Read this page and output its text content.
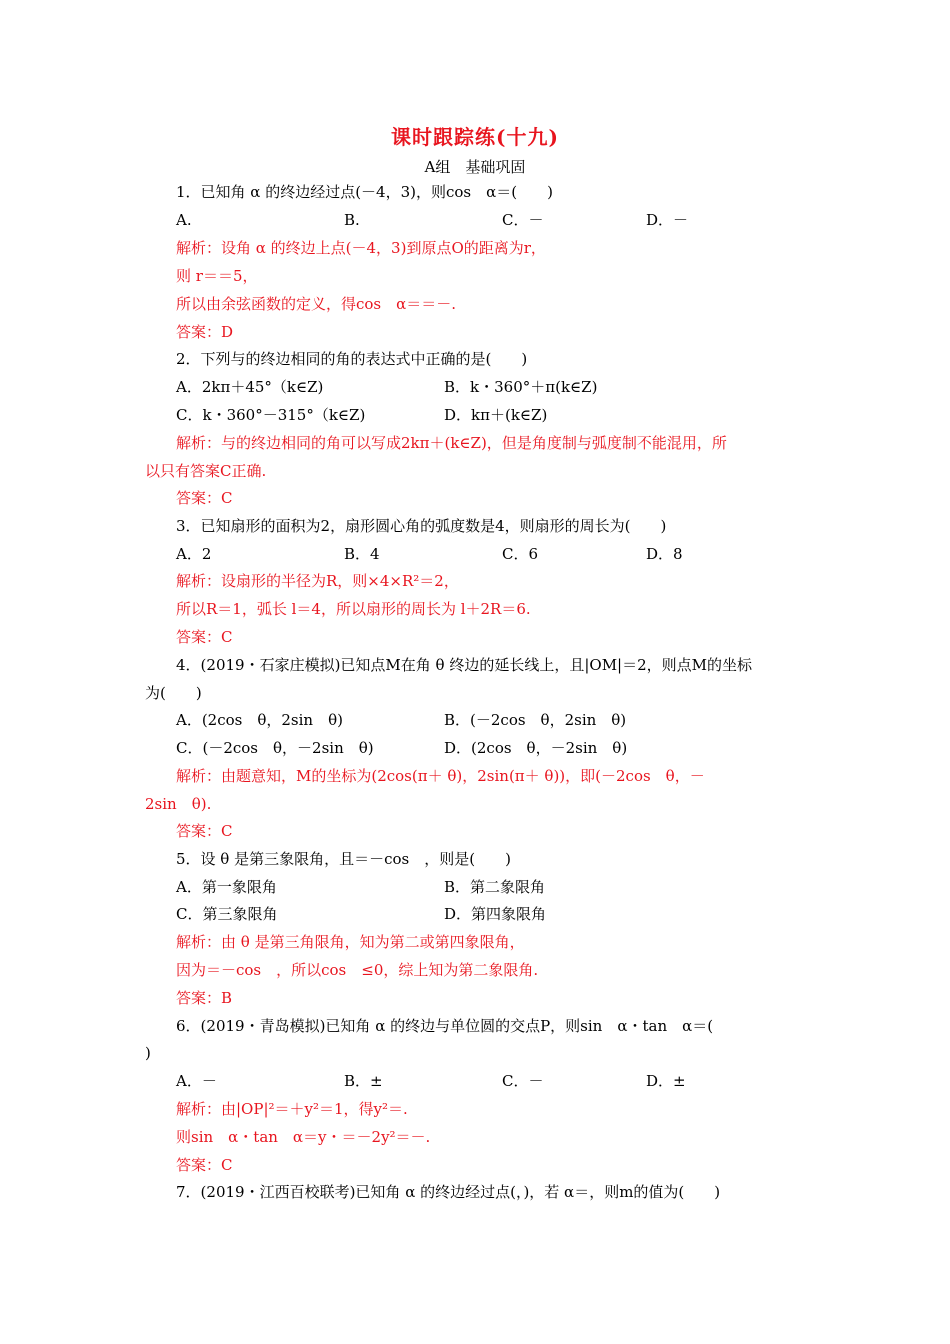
课时跟踪练(十九)
A组　基础巩固
1．已知角 α 的终边经过点(－4，3)，则cos　α＝(　　)
A.	B.	C．－	D．－
解析：设角 α 的终边上点(－4，3)到原点O的距离为r，
则 r＝＝5，
所以由余弦函数的定义，得cos　α＝＝－.
答案：D
2．下列与的终边相同的角的表达式中正确的是(　　)
A．2kπ＋45°（k∈Z)	B．k・360°＋π(k∈Z)
C．k・360°－315°（k∈Z)	D．kπ＋(k∈Z)
解析：与的终边相同的角可以写成2kπ＋(k∈Z)，但是角度制与弧度制不能混用，所
以只有答案C正确.
答案：C
3．已知扇形的面积为2，扇形圆心角的弧度数是4，则扇形的周长为(　　)
A．2	B．4	C．6	D．8
解析：设扇形的半径为R，则×4×R²＝2，
所以R＝1，弧长 l＝4，所以扇形的周长为 l＋2R＝6.
答案：C
4．(2019・石家庄模拟)已知点M在角 θ 终边的延长线上，且|OM|＝2，则点M的坐标
为(　　)
A．(2cos　θ，2sin　θ)	B．(－2cos　θ，2sin　θ)
C．(－2cos　θ，－2sin　θ)	D．(2cos　θ，－2sin　θ)
解析：由题意知，M的坐标为(2cos(π＋ θ)，2sin(π＋ θ))，即(－2cos　θ，－
2sin　θ).
答案：C
5．设 θ 是第三象限角，且＝－cos　，则是(　　)
A．第一象限角	B．第二象限角
C．第三象限角	D．第四象限角
解析：由 θ 是第三角限角，知为第二或第四象限角，
因为＝－cos　，所以cos　≤0，综上知为第二象限角.
答案：B
6．(2019・青岛模拟)已知角 α 的终边与单位圆的交点P，则sin　α・tan　α＝(
)
A．－	B．±	C．－	D．±
解析：由|OP|²＝＋y²＝1，得y²＝.
则sin　α・tan　α＝y・＝－2y²＝－.
答案：C
7．(2019・江西百校联考)已知角 α 的终边经过点(，)，若 α＝，则m的值为(　　)
